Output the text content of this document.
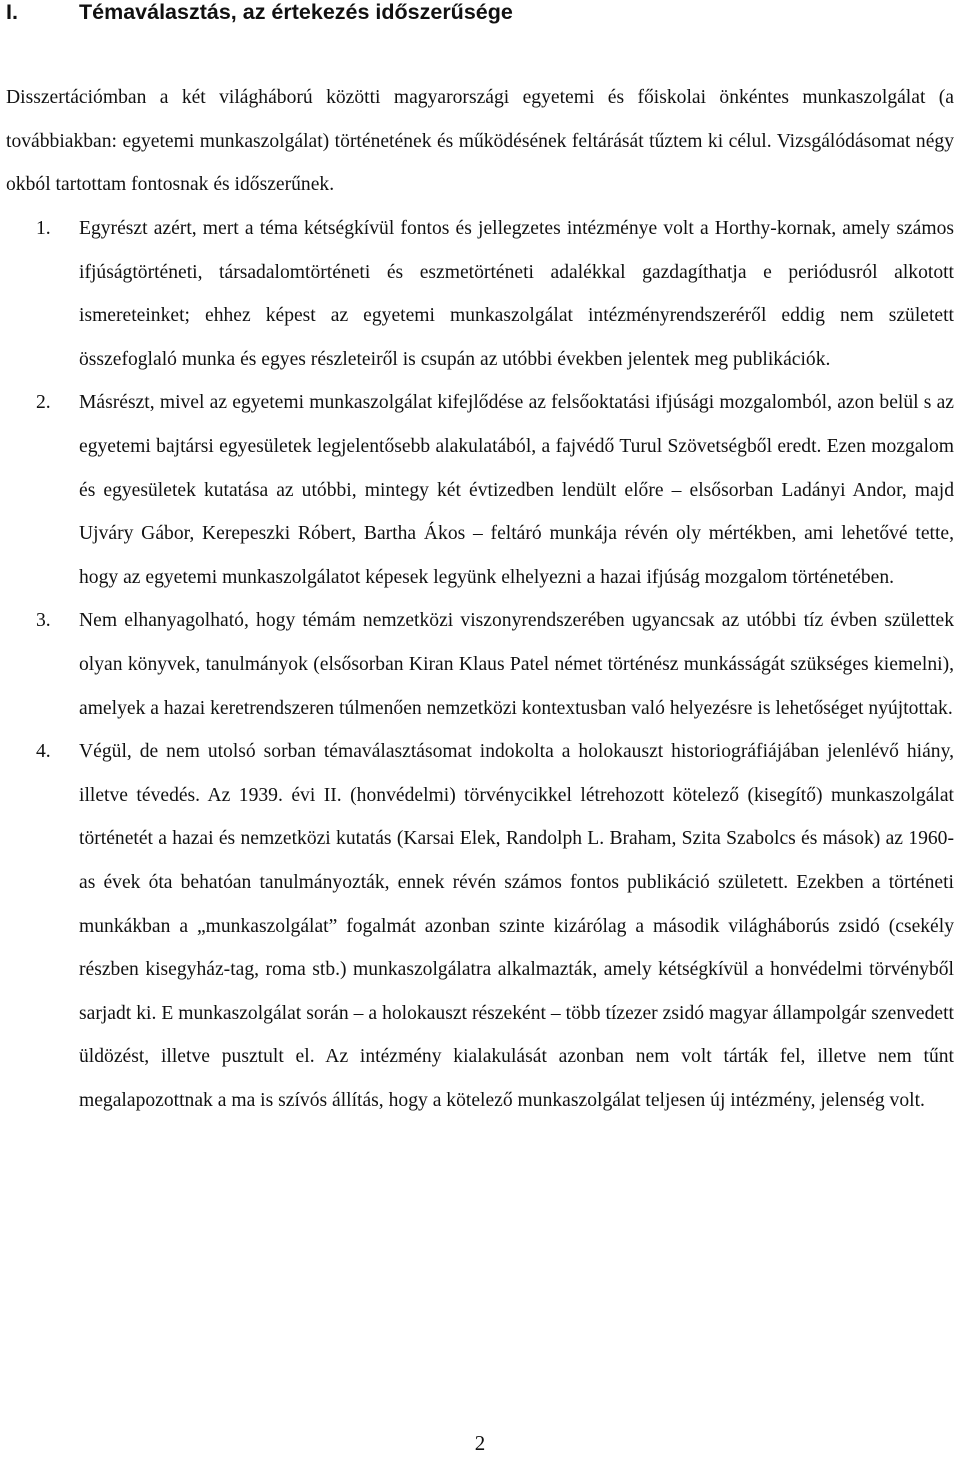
I.	Témaválasztás, az értekezés időszerűsége

Disszertációmban a két világháború közötti magyarországi egyetemi és főiskolai önkéntes munkaszolgálat (a továbbiakban: egyetemi munkaszolgálat) történetének és működésének feltárását tűztem ki célul. Vizsgálódásomat négy okból tartottam fontosnak és időszerűnek.

1.	Egyrészt azért, mert a téma kétségkívül fontos és jellegzetes intézménye volt a Horthy-kornak, amely számos ifjúságtörténeti, társadalomtörténeti és eszmetörténeti adalékkal gazdagíthatja e periódusról alkotott ismereteinket; ehhez képest az egyetemi munkaszolgálat intézményrendszeréről eddig nem született összefoglaló munka és egyes részleteiről is csupán az utóbbi években jelentek meg publikációk.
2.	Másrészt, mivel az egyetemi munkaszolgálat kifejlődése az felsőoktatási ifjúsági mozgalomból, azon belül s az egyetemi bajtársi egyesületek legjelentősebb alakulatából, a fajvédő Turul Szövetségből eredt. Ezen mozgalom és egyesületek kutatása az utóbbi, mintegy két évtizedben lendült előre – elsősorban Ladányi Andor, majd Ujváry Gábor, Kerepeszki Róbert, Bartha Ákos – feltáró munkája révén oly mértékben, ami lehetővé tette, hogy az egyetemi munkaszolgálatot képesek legyünk elhelyezni a hazai ifjúság mozgalom történetében.
3.	Nem elhanyagolható, hogy témám nemzetközi viszonyrendszerében ugyancsak az utóbbi tíz évben születtek olyan könyvek, tanulmányok (elsősorban Kiran Klaus Patel német történész munkásságát szükséges kiemelni), amelyek a hazai keretrendszeren túlmenően nemzetközi kontextusban való helyezésre is lehetőséget nyújtottak.
4.	Végül, de nem utolsó sorban témaválasztásomat indokolta a holokauszt historiográfiájában jelenlévő hiány, illetve tévedés. Az 1939. évi II. (honvédelmi) törvénycikkel létrehozott kötelező (kisegítő) munkaszolgálat történetét a hazai és nemzetközi kutatás (Karsai Elek, Randolph L. Braham, Szita Szabolcs és mások) az 1960-as évek óta behatóan tanulmányozták, ennek révén számos fontos publikáció született. Ezekben a történeti munkákban a „munkaszolgálat” fogalmát azonban szinte kizárólag a második világháborús zsidó (csekély részben kisegyház-tag, roma stb.) munkaszolgálatra alkalmazták, amely kétségkívül a honvédelmi törvényből sarjadt ki. E munkaszolgálat során – a holokauszt részeként – több tízezer zsidó magyar állampolgár szenvedett üldözést, illetve pusztult el. Az intézmény kialakulását azonban nem volt tárták fel, illetve nem tűnt megalapozottnak a ma is szívós állítás, hogy a kötelező munkaszolgálat teljesen új intézmény, jelenség volt.
2
